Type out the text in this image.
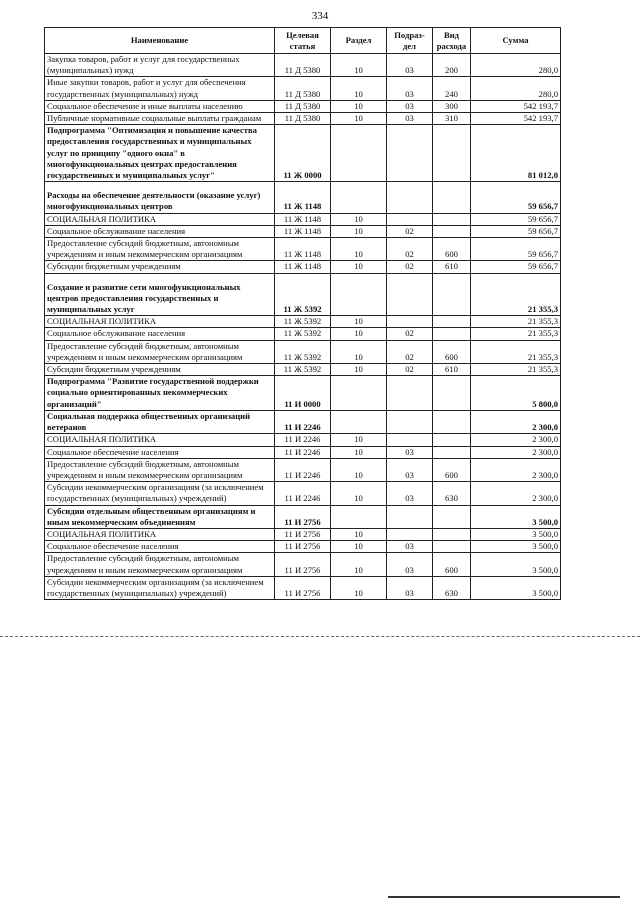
334
Наименование	Целевая статья	Раздел	Подраз-дел	Вид расхода	Сумма
Закупка товаров, работ и услуг для государственных (муниципальных) нужд	11 Д 5380	10	03	200	280,0
Иные закупки товаров, работ и услуг для обеспечения государственных (муниципальных) нужд	11 Д 5380	10	03	240	280,0
Социальное обеспечение и иные выплаты населению	11 Д 5380	10	03	300	542 193,7
Публичные нормативные социальные выплаты гражданам	11 Д 5380	10	03	310	542 193,7
Подпрограмма "Оптимизация и повышение качества предоставления государственных и муниципальных услуг по принципу "одного окна" в многофункциональных центрах предоставления государственных и муниципальных услуг"	11 Ж 0000				81 012,0
Расходы на обеспечение деятельности (оказание услуг) многофункциональных центров	11 Ж 1148				59 656,7
СОЦИАЛЬНАЯ ПОЛИТИКА	11 Ж 1148	10			59 656,7
Социальное обслуживание населения	11 Ж 1148	10	02		59 656,7
Предоставление субсидий бюджетным, автономным учреждениям и иным некоммерческим организациям	11 Ж 1148	10	02	600	59 656,7
Субсидии бюджетным учреждениям	11 Ж 1148	10	02	610	59 656,7
Создание и развитие сети многофункциональных центров предоставления государственных и муниципальных услуг	11 Ж 5392				21 355,3
СОЦИАЛЬНАЯ ПОЛИТИКА	11 Ж 5392	10			21 355,3
Социальное обслуживание населения	11 Ж 5392	10	02		21 355,3
Предоставление субсидий бюджетным, автономным учреждениям и иным некоммерческим организациям	11 Ж 5392	10	02	600	21 355,3
Субсидии бюджетным учреждениям	11 Ж 5392	10	02	610	21 355,3
Подпрограмма "Развитие государственной поддержки социально ориентированных некоммерческих организаций"	11 И 0000				5 800,0
Социальная поддержка общественных организаций ветеранов	11 И 2246				2 300,0
СОЦИАЛЬНАЯ ПОЛИТИКА	11 И 2246	10			2 300,0
Социальное обеспечение населения	11 И 2246	10	03		2 300,0
Предоставление субсидий бюджетным, автономным учреждениям и иным некоммерческим организациям	11 И 2246	10	03	600	2 300,0
Субсидии некоммерческим организациям (за исключением государственных (муниципальных) учреждений)	11 И 2246	10	03	630	2 300,0
Субсидии отдельным общественным организациям и иным некоммерческим объединениям	11 И 2756				3 500,0
СОЦИАЛЬНАЯ ПОЛИТИКА	11 И 2756	10			3 500,0
Социальное обеспечение населения	11 И 2756	10	03		3 500,0
Предоставление субсидий бюджетным, автономным учреждениям и иным некоммерческим организациям	11 И 2756	10	03	600	3 500,0
Субсидии некоммерческим организациям (за исключением государственных (муниципальных) учреждений)	11 И 2756	10	03	630	3 500,0
